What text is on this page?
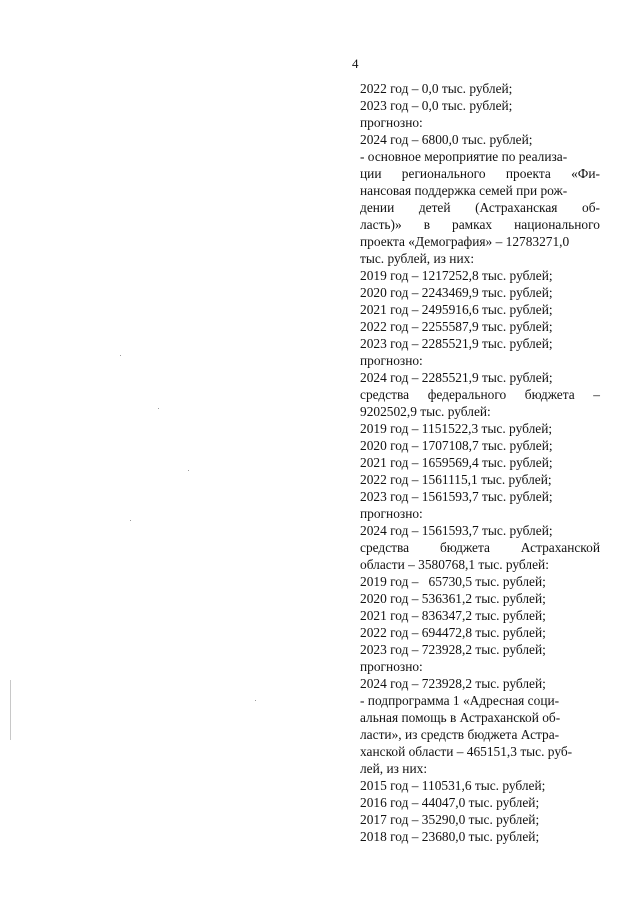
4
2022 год – 0,0 тыс. рублей;
2023 год – 0,0 тыс. рублей;
прогнозно:
2024 год – 6800,0 тыс. рублей;
- основное мероприятие по реализа-
ции регионального проекта «Фи-
нансовая поддержка семей при рож-
дении детей (Астраханская об-
ласть)» в рамках национального
проекта «Демография» – 12783271,0
тыс. рублей, из них:
2019 год – 1217252,8 тыс. рублей;
2020 год – 2243469,9 тыс. рублей;
2021 год – 2495916,6 тыс. рублей;
2022 год – 2255587,9 тыс. рублей;
2023 год – 2285521,9 тыс. рублей;
прогнозно:
2024 год – 2285521,9 тыс. рублей;
средства федерального бюджета –
9202502,9 тыс. рублей:
2019 год – 1151522,3 тыс. рублей;
2020 год – 1707108,7 тыс. рублей;
2021 год – 1659569,4 тыс. рублей;
2022 год – 1561115,1 тыс. рублей;
2023 год – 1561593,7 тыс. рублей;
прогнозно:
2024 год – 1561593,7 тыс. рублей;
средства бюджета Астраханской
области – 3580768,1 тыс. рублей:
2019 год –   65730,5 тыс. рублей;
2020 год – 536361,2 тыс. рублей;
2021 год – 836347,2 тыс. рублей;
2022 год – 694472,8 тыс. рублей;
2023 год – 723928,2 тыс. рублей;
прогнозно:
2024 год – 723928,2 тыс. рублей;
- подпрограмма 1 «Адресная соци-
альная помощь в Астраханской об-
ласти», из средств бюджета Астра-
ханской области – 465151,3 тыс. руб-
лей, из них:
2015 год – 110531,6 тыс. рублей;
2016 год – 44047,0 тыс. рублей;
2017 год – 35290,0 тыс. рублей;
2018 год – 23680,0 тыс. рублей;
